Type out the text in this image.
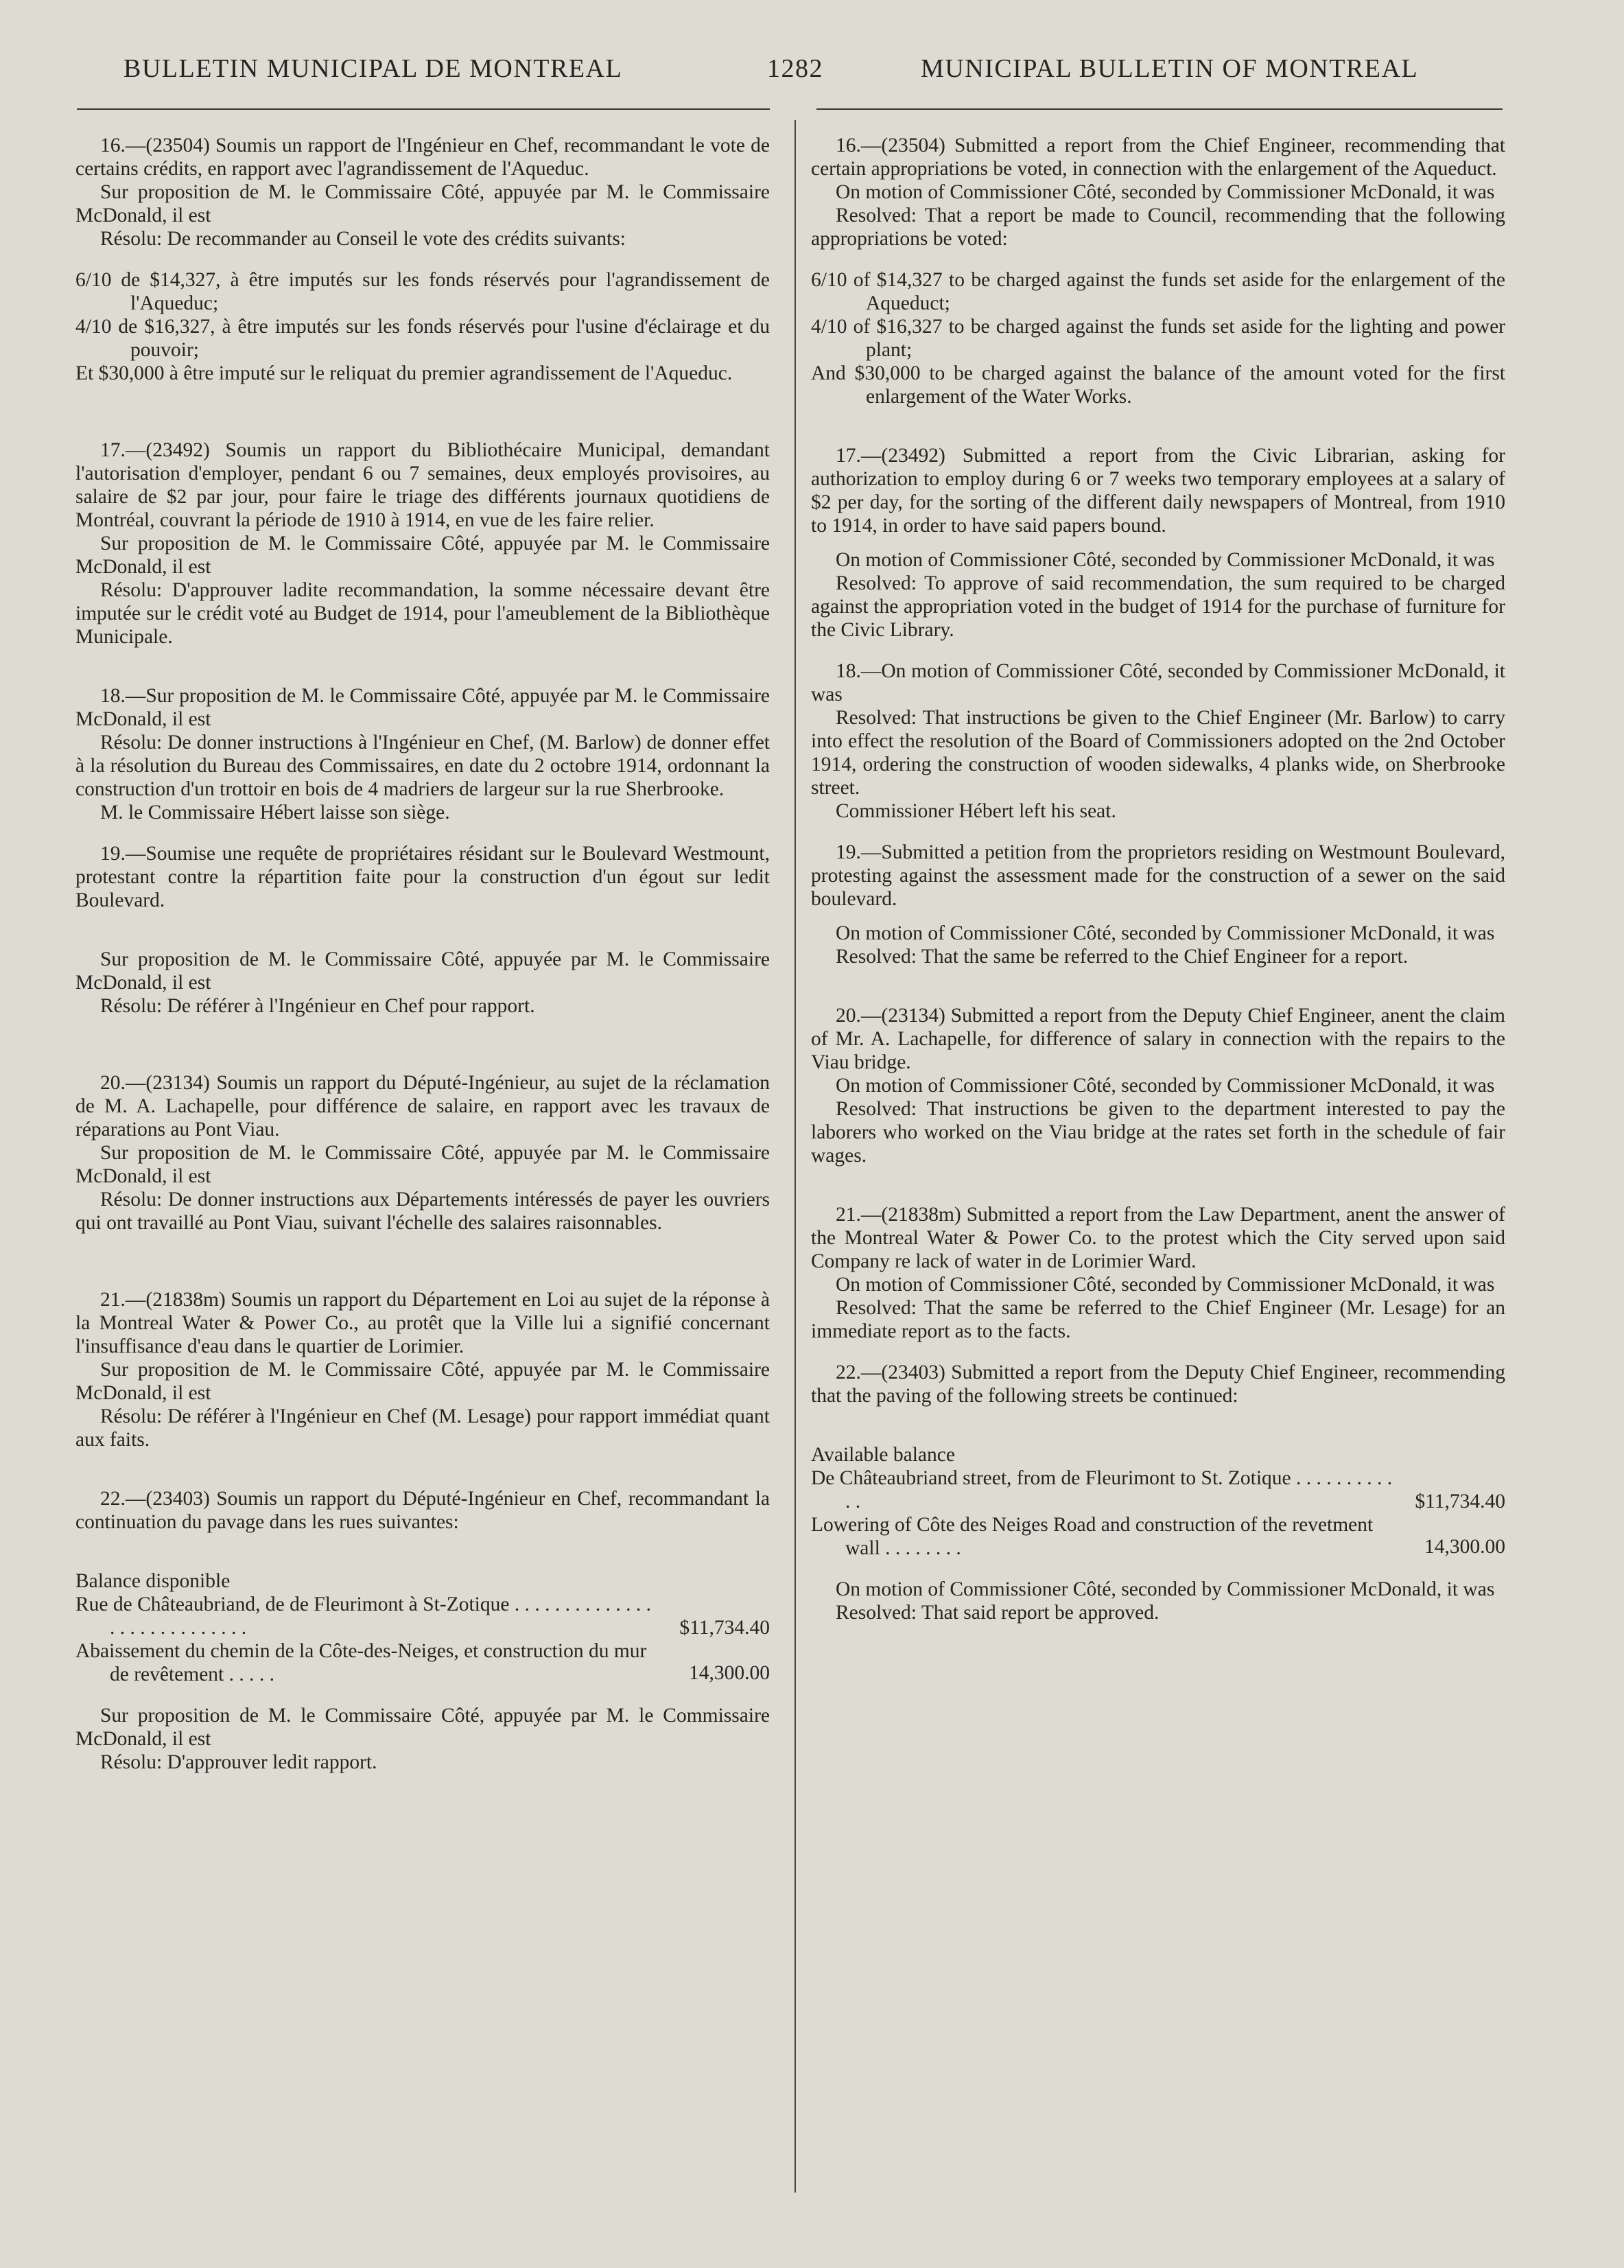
BULLETIN MUNICIPAL DE MONTREAL	1282	MUNICIPAL BULLETIN OF MONTREAL

16.—(23504) Soumis un rapport de l'Ingénieur en Chef, recommandant le vote de certains crédits, en rapport avec l'agrandissement de l'Aqueduc.

Sur proposition de M. le Commissaire Côté, appuyée par M. le Commissaire McDonald, il est

Résolu: De recommander au Conseil le vote des crédits suivants:

6/10 de $14,327, à être imputés sur les fonds réservés pour l'agrandissement de l'Aqueduc;

4/10 de $16,327, à être imputés sur les fonds réservés pour l'usine d'éclairage et du pouvoir;

Et $30,000 à être imputé sur le reliquat du premier agrandissement de l'Aqueduc.

17.—(23492) Soumis un rapport du Bibliothécaire Municipal, demandant l'autorisation d'employer, pendant 6 ou 7 semaines, deux employés provisoires, au salaire de $2 par jour, pour faire le triage des différents journaux quotidiens de Montréal, couvrant la période de 1910 à 1914, en vue de les faire relier.

Sur proposition de M. le Commissaire Côté, appuyée par M. le Commissaire McDonald, il est

Résolu: D'approuver ladite recommandation, la somme nécessaire devant être imputée sur le crédit voté au Budget de 1914, pour l'ameublement de la Bibliothèque Municipale.

18.—Sur proposition de M. le Commissaire Côté, appuyée par M. le Commissaire McDonald, il est

Résolu: De donner instructions à l'Ingénieur en Chef, (M. Barlow) de donner effet à la résolution du Bureau des Commissaires, en date du 2 octobre 1914, ordonnant la construction d'un trottoir en bois de 4 madriers de largeur sur la rue Sherbrooke.

M. le Commissaire Hébert laisse son siège.

19.—Soumise une requête de propriétaires résidant sur le Boulevard Westmount, protestant contre la répartition faite pour la construction d'un égout sur ledit Boulevard.

Sur proposition de M. le Commissaire Côté, appuyée par M. le Commissaire McDonald, il est

Résolu: De référer à l'Ingénieur en Chef pour rapport.

20.—(23134) Soumis un rapport du Député-Ingénieur, au sujet de la réclamation de M. A. Lachapelle, pour différence de salaire, en rapport avec les travaux de réparations au Pont Viau.

Sur proposition de M. le Commissaire Côté, appuyée par M. le Commissaire McDonald, il est

Résolu: De donner instructions aux Départements intéressés de payer les ouvriers qui ont travaillé au Pont Viau, suivant l'échelle des salaires raisonnables.

21.—(21838m) Soumis un rapport du Département en Loi au sujet de la réponse à la Montreal Water & Power Co., au protêt que la Ville lui a signifié concernant l'insuffisance d'eau dans le quartier de Lorimier.

Sur proposition de M. le Commissaire Côté, appuyée par M. le Commissaire McDonald, il est

Résolu: De référer à l'Ingénieur en Chef (M. Lesage) pour rapport immédiat quant aux faits.

22.—(23403) Soumis un rapport du Député-Ingénieur en Chef, recommandant la continuation du pavage dans les rues suivantes:

Balance disponible

Rue de Châteaubriand, de de Fleurimont à St-Zotique . . . . . . . . . . . . . . . . . . . . . . . . . . . .	$11,734.40
Abaissement du chemin de la Côte-des-Neiges, et construction du mur de revêtement . . . . .	14,300.00

Sur proposition de M. le Commissaire Côté, appuyée par M. le Commissaire McDonald, il est

Résolu: D'approuver ledit rapport.

16.—(23504) Submitted a report from the Chief Engineer, recommending that certain appropriations be voted, in connection with the enlargement of the Aqueduct.

On motion of Commissioner Côté, seconded by Commissioner McDonald, it was

Resolved: That a report be made to Council, recommending that the following appropriations be voted:

6/10 of $14,327 to be charged against the funds set aside for the enlargement of the Aqueduct;

4/10 of $16,327 to be charged against the funds set aside for the lighting and power plant;

And $30,000 to be charged against the balance of the amount voted for the first enlargement of the Water Works.

17.—(23492) Submitted a report from the Civic Librarian, asking for authorization to employ during 6 or 7 weeks two temporary employees at a salary of $2 per day, for the sorting of the different daily newspapers of Montreal, from 1910 to 1914, in order to have said papers bound.

On motion of Commissioner Côté, seconded by Commissioner McDonald, it was

Resolved: To approve of said recommendation, the sum required to be charged against the appropriation voted in the budget of 1914 for the purchase of furniture for the Civic Library.

18.—On motion of Commissioner Côté, seconded by Commissioner McDonald, it was

Resolved: That instructions be given to the Chief Engineer (Mr. Barlow) to carry into effect the resolution of the Board of Commissioners adopted on the 2nd October 1914, ordering the construction of wooden sidewalks, 4 planks wide, on Sherbrooke street.

Commissioner Hébert left his seat.

19.—Submitted a petition from the proprietors residing on Westmount Boulevard, protesting against the assessment made for the construction of a sewer on the said boulevard.

On motion of Commissioner Côté, seconded by Commissioner McDonald, it was

Resolved: That the same be referred to the Chief Engineer for a report.

20.—(23134) Submitted a report from the Deputy Chief Engineer, anent the claim of Mr. A. Lachapelle, for difference of salary in connection with the repairs to the Viau bridge.

On motion of Commissioner Côté, seconded by Commissioner McDonald, it was

Resolved: That instructions be given to the department interested to pay the laborers who worked on the Viau bridge at the rates set forth in the schedule of fair wages.

21.—(21838m) Submitted a report from the Law Department, anent the answer of the Montreal Water & Power Co. to the protest which the City served upon said Company re lack of water in de Lorimier Ward.

On motion of Commissioner Côté, seconded by Commissioner McDonald, it was

Resolved: That the same be referred to the Chief Engineer (Mr. Lesage) for an immediate report as to the facts.

22.—(23403) Submitted a report from the Deputy Chief Engineer, recommending that the paving of the following streets be continued:

Available balance

De Châteaubriand street, from de Fleurimont to St. Zotique . . . . . . . . . . . .	$11,734.40
Lowering of Côte des Neiges Road and construction of the revetment wall . . . . . . . .	14,300.00

On motion of Commissioner Côté, seconded by Commissioner McDonald, it was

Resolved: That said report be approved.
